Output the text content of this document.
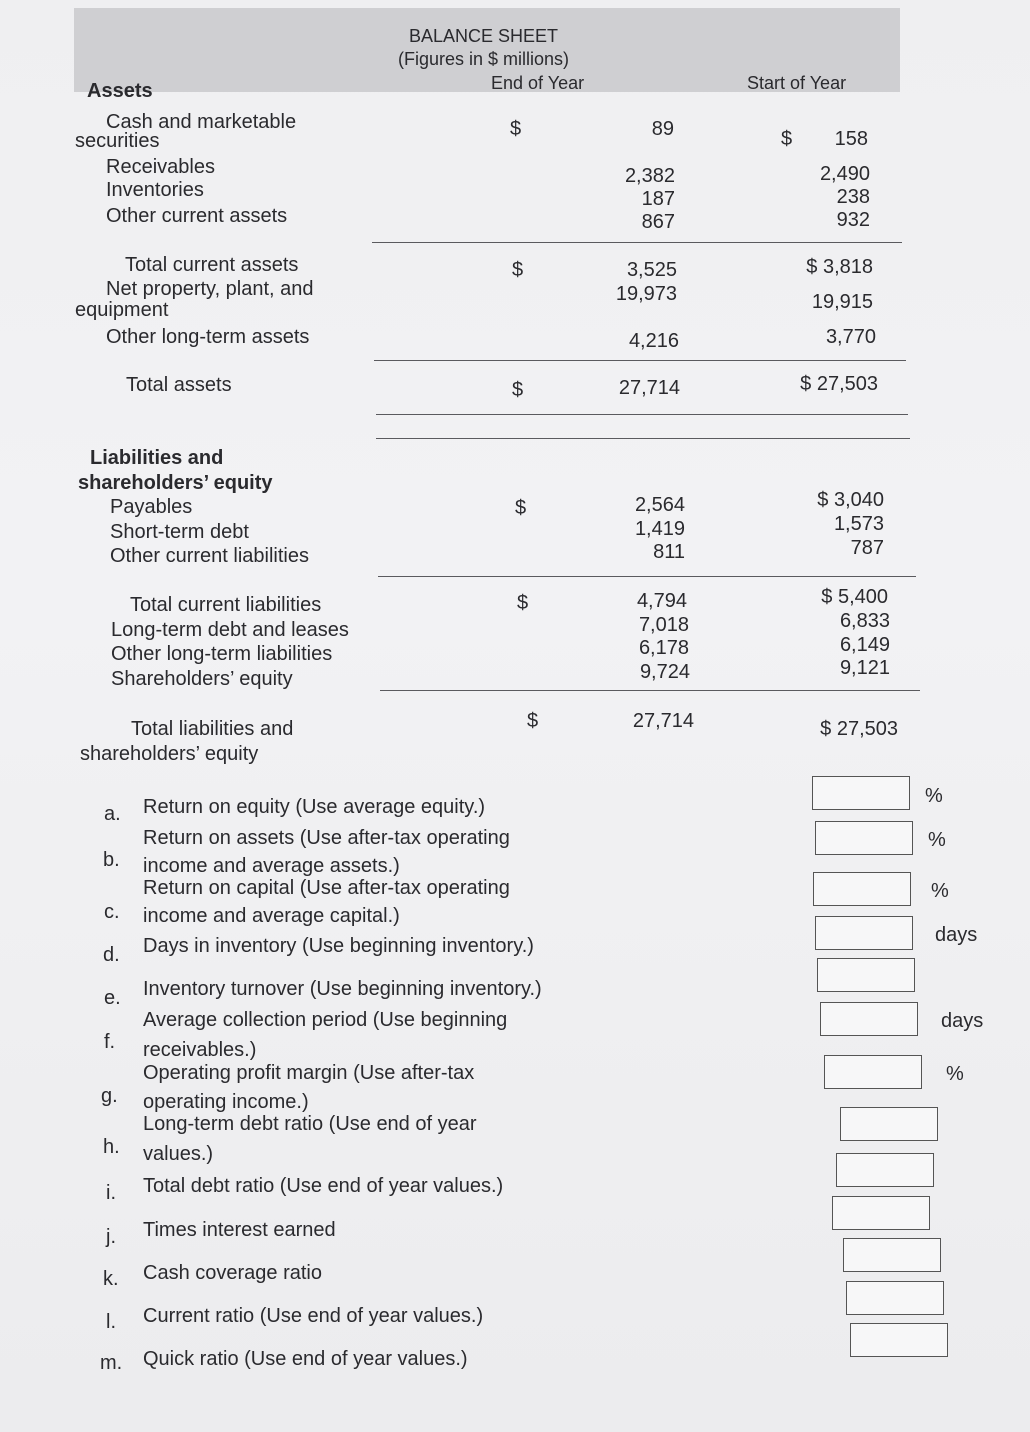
BALANCE SHEET
(Figures in $ millions)
End of Year	Start of Year
Assets
Cash and marketable
securities
$	89	$	158
Receivables	2,382	2,490
Inventories	187	238
Other current assets	867	932
Total current assets	$	3,525	$ 3,818
Net property, plant, and
equipment
19,973	19,915
Other long-term assets	4,216	3,770
Total assets	$	27,714	$ 27,503
Liabilities and
shareholders’ equity
Payables	$	2,564	$ 3,040
Short-term debt	1,419	1,573
Other current liabilities	811	787
Total current liabilities	$	4,794	$ 5,400
Long-term debt and leases	7,018	6,833
Other long-term liabilities	6,178	6,149
Shareholders’ equity	9,724	9,121
Total liabilities and
shareholders’ equity
$	27,714	$ 27,503
a. Return on equity (Use average equity.)	%
b.
Return on assets (Use after-tax operating
income and average assets.)
%
c.
Return on capital (Use after-tax operating
income and average capital.)
%
d. Days in inventory (Use beginning inventory.)	days
e. Inventory turnover (Use beginning inventory.)
f.
Average collection period (Use beginning
receivables.)
days
g.
Operating profit margin (Use after-tax
operating income.)
%
h.
Long-term debt ratio (Use end of year
values.)
i. Total debt ratio (Use end of year values.)
j. Times interest earned
k. Cash coverage ratio
l. Current ratio (Use end of year values.)
m. Quick ratio (Use end of year values.)
